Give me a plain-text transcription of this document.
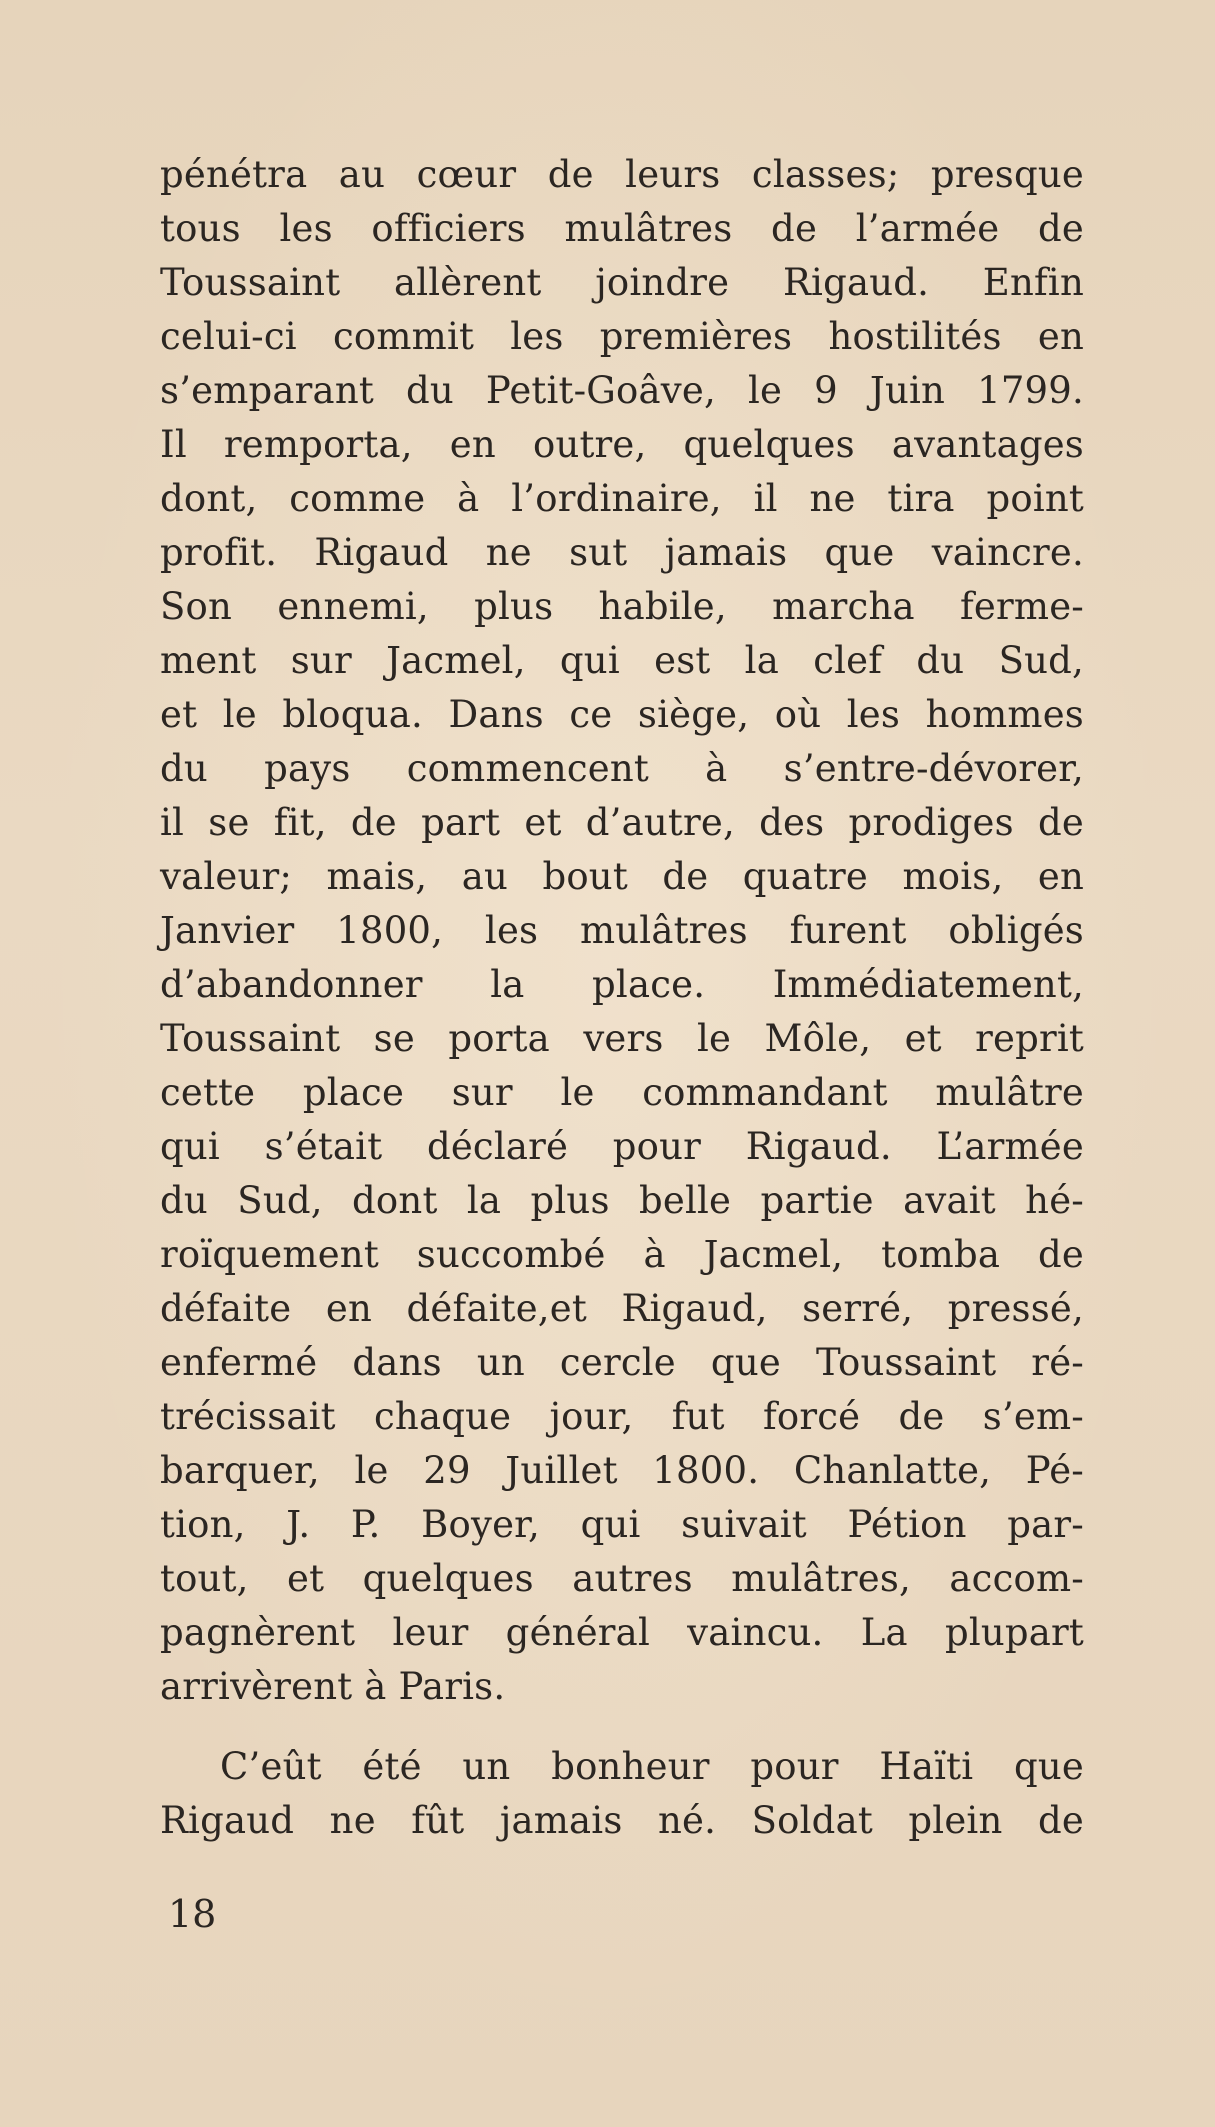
pénétra au cœur de leurs classes; presque
tous les officiers mulâtres de l’armée de
Toussaint allèrent joindre Rigaud. Enfin
celui-ci commit les premières hostilités en
s’emparant du Petit-Goâve, le 9 Juin 1799.
Il remporta, en outre, quelques avantages
dont, comme à l’ordinaire, il ne tira point
profit. Rigaud ne sut jamais que vaincre.
Son ennemi, plus habile, marcha ferme-
ment sur Jacmel, qui est la clef du Sud,
et le bloqua. Dans ce siège, où les hommes
du pays commencent à s’entre-dévorer,
il se fit, de part et d’autre, des prodiges de
valeur; mais, au bout de quatre mois, en
Janvier 1800, les mulâtres furent obligés
d’abandonner la place. Immédiatement,
Toussaint se porta vers le Môle, et reprit
cette place sur le commandant mulâtre
qui s’était déclaré pour Rigaud. L’armée
du Sud, dont la plus belle partie avait hé-
roïquement succombé à Jacmel, tomba de
défaite en défaite,et Rigaud, serré, pressé,
enfermé dans un cercle que Toussaint ré-
trécissait chaque jour, fut forcé de s’em-
barquer, le 29 Juillet 1800. Chanlatte, Pé-
tion, J. P. Boyer, qui suivait Pétion par-
tout, et quelques autres mulâtres, accom-
pagnèrent leur général vaincu. La plupart
arrivèrent à Paris.
C’eût été un bonheur pour Haïti que
Rigaud ne fût jamais né. Soldat plein de
18
